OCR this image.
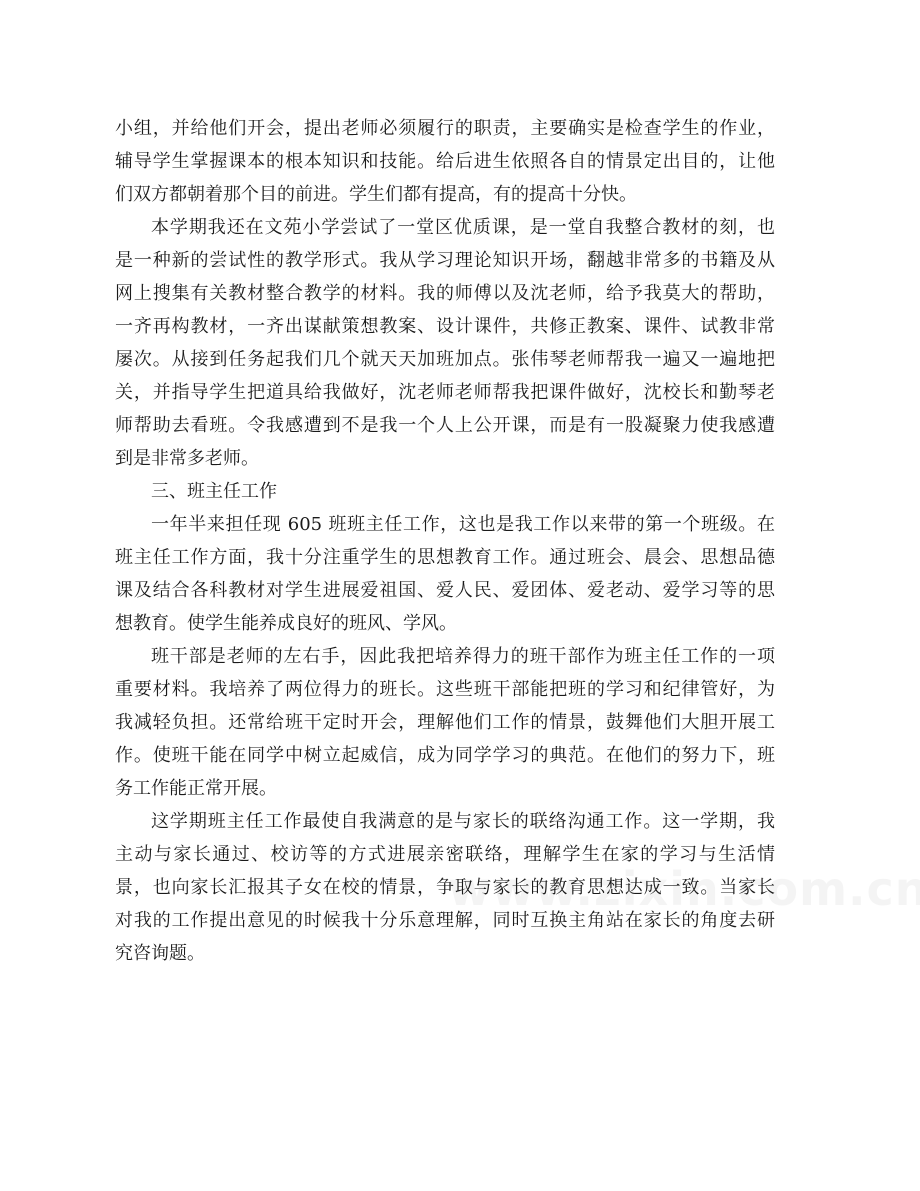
小组，并给他们开会，提出老师必须履行的职责，主要确实是检查学生的作业，
辅导学生掌握课本的根本知识和技能。给后进生依照各自的情景定出目的，让他
们双方都朝着那个目的前进。学生们都有提高，有的提高十分快。
本学期我还在文苑小学尝试了一堂区优质课，是一堂自我整合教材的刻，也
是一种新的尝试性的教学形式。我从学习理论知识开场，翻越非常多的书籍及从
网上搜集有关教材整合教学的材料。我的师傅以及沈老师，给予我莫大的帮助，
一齐再构教材，一齐出谋献策想教案、设计课件，共修正教案、课件、试教非常
屡次。从接到任务起我们几个就天天加班加点。张伟琴老师帮我一遍又一遍地把
关，并指导学生把道具给我做好，沈老师老师帮我把课件做好，沈校长和勤琴老
师帮助去看班。令我感遭到不是我一个人上公开课，而是有一股凝聚力使我感遭
到是非常多老师。
三、班主任工作
一年半来担任现 605 班班主任工作，这也是我工作以来带的第一个班级。在
班主任工作方面，我十分注重学生的思想教育工作。通过班会、晨会、思想品德
课及结合各科教材对学生进展爱祖国、爱人民、爱团体、爱老动、爱学习等的思
想教育。使学生能养成良好的班风、学风。
班干部是老师的左右手，因此我把培养得力的班干部作为班主任工作的一项
重要材料。我培养了两位得力的班长。这些班干部能把班的学习和纪律管好，为
我减轻负担。还常给班干定时开会，理解他们工作的情景，鼓舞他们大胆开展工
作。使班干能在同学中树立起威信，成为同学学习的典范。在他们的努力下，班
务工作能正常开展。
这学期班主任工作最使自我满意的是与家长的联络沟通工作。这一学期，我
主动与家长通过、校访等的方式进展亲密联络，理解学生在家的学习与生活情
景，也向家长汇报其子女在校的情景，争取与家长的教育思想达成一致。当家长
对我的工作提出意见的时候我十分乐意理解，同时互换主角站在家长的角度去研
究咨询题。
